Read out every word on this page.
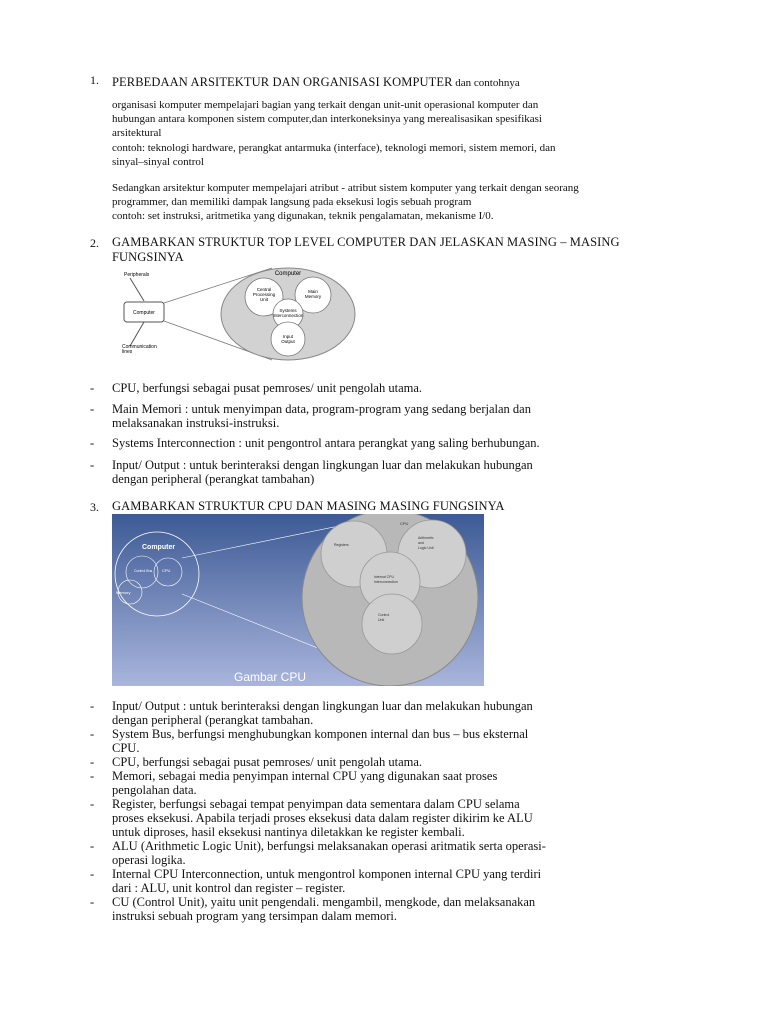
1. PERBEDAAN ARSITEKTUR DAN ORGANISASI KOMPUTER dan contohnya
organisasi komputer mempelajari bagian yang terkait dengan unit-unit operasional komputer dan
hubungan antara komponen sistem computer,dan interkoneksinya yang merealisasikan spesifikasi
arsitektural
contoh: teknologi hardware, perangkat antarmuka (interface), teknologi memori, sistem memori, dan
sinyal–sinyal control
Sedangkan arsitektur komputer mempelajari atribut - atribut sistem komputer yang terkait dengan seorang
programmer, dan memiliki dampak langsung pada eksekusi logis sebuah program
contoh: set instruksi, aritmetika yang digunakan, teknik pengalamatan, mekanisme I/0.
2. GAMBARKAN STRUKTUR TOP LEVEL COMPUTER DAN JELASKAN MASING – MASING
FUNGSINYA
Computer
Peripherals
Communication
lines
Computer
Central
Processing
Unit
Main
Memory
Systems
Interconnection
Input
Output
- CPU, berfungsi sebagai pusat pemroses/ unit pengolah utama.
- Main Memori : untuk menyimpan data, program-program yang sedang berjalan dan
melaksanakan instruksi-instruksi.
- Systems Interconnection : unit pengontrol antara perangkat yang saling berhubungan.
- Input/ Output : untuk berinteraksi dengan lingkungan luar dan melakukan hubungan
dengan peripheral (perangkat tambahan)
3. GAMBARKAN STRUKTUR CPU DAN MASING MASING FUNGSINYA
Computer
Control Bus CPU
Memory
CPU
Registers
Arithmetic
and
Logic Unit
Internal CPU
Interconnection
Control
Unit
Gambar CPU
- Input/ Output : untuk berinteraksi dengan lingkungan luar dan melakukan hubungan
dengan peripheral (perangkat tambahan.
- System Bus, berfungsi menghubungkan komponen internal dan bus – bus eksternal
CPU.
- CPU, berfungsi sebagai pusat pemroses/ unit pengolah utama.
- Memori, sebagai media penyimpan internal CPU yang digunakan saat proses
pengolahan data.
- Register, berfungsi sebagai tempat penyimpan data sementara dalam CPU selama
proses eksekusi. Apabila terjadi proses eksekusi data dalam register dikirim ke ALU
untuk diproses, hasil eksekusi nantinya diletakkan ke register kembali.
- ALU (Arithmetic Logic Unit), berfungsi melaksanakan operasi aritmatik serta operasi-
operasi logika.
- Internal CPU Interconnection, untuk mengontrol komponen internal CPU yang terdiri
dari : ALU, unit kontrol dan register – register.
- CU (Control Unit), yaitu unit pengendali. mengambil, mengkode, dan melaksanakan
instruksi sebuah program yang tersimpan dalam memori.
